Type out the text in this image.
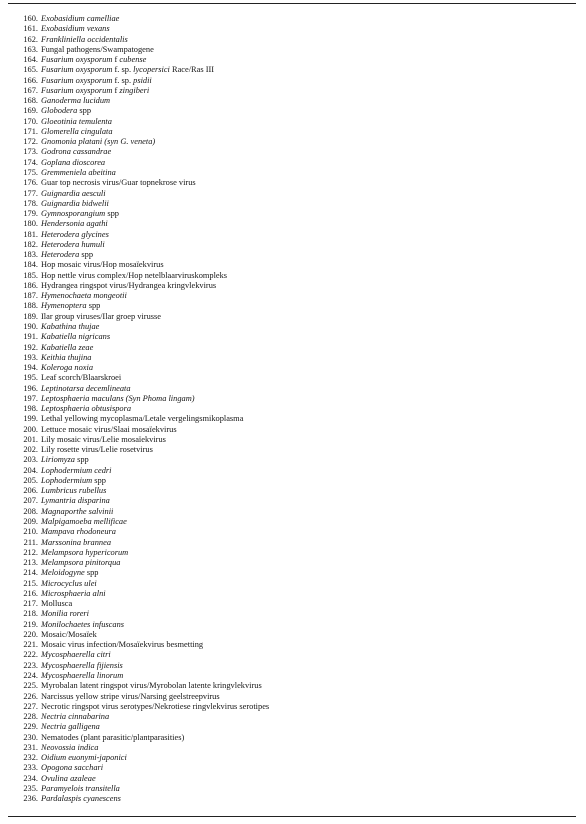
160. Exobasidium camelliae
161. Exobasidium vexans
162. Frankliniella occidentalis
163. Fungal pathogens/Swampatogene
164. Fusarium oxysporum f cubense
165. Fusarium oxysporum f. sp. lycopersici Race/Ras III
166. Fusarium oxysporum f. sp. psidii
167. Fusarium oxysporum f zingiberi
168. Ganoderma lucidum
169. Globodera spp
170. Gloeotinia temulenta
171. Glomerella cingulata
172. Gnomonia platani (syn G. veneta)
173. Godrona cassandrae
174. Goplana dioscorea
175. Gremmeniela abeitina
176. Guar top necrosis virus/Guar topnekrose virus
177. Guignardia aesculi
178. Guignardia bidwelii
179. Gymnosporangium spp
180. Hendersonia agathi
181. Heterodera glycines
182. Heterodera humuli
183. Heterodera spp
184. Hop mosaic virus/Hop mosaïekvirus
185. Hop nettle virus complex/Hop netelblaarviruskompleks
186. Hydrangea ringspot virus/Hydrangea kringvlekvirus
187. Hymenochaeta mongeotii
188. Hymenoptera spp
189. Ilar group viruses/Ilar groep virusse
190. Kabathina thujae
191. Kabatiella nigricans
192. Kabatiella zeae
193. Keithia thujina
194. Koleroga noxia
195. Leaf scorch/Blaarskroei
196. Leptinotarsa decemlineata
197. Leptosphaeria maculans (Syn Phoma lingam)
198. Leptosphaeria obtusispora
199. Lethal yellowing mycoplasma/Letale vergelingsmikoplasma
200. Lettuce mosaic virus/Slaai mosaïekvirus
201. Lily mosaic virus/Lelie mosaïekvirus
202. Lily rosette virus/Lelie rosetvirus
203. Liriomyza spp
204. Lophodermium cedri
205. Lophodermium spp
206. Lumbricus rubellus
207. Lymantria disparina
208. Magnaporthe salvinii
209. Malpigamoeba mellificae
210. Mampava rhodoneura
211. Marssonina brannea
212. Melampsora hypericorum
213. Melampsora pinitorqua
214. Meloidogyne spp
215. Microcyclus ulei
216. Microsphaeria alni
217. Mollusca
218. Monilia roreri
219. Monilochaetes infuscans
220. Mosaic/Mosaïek
221. Mosaic virus infection/Mosaïekvirus besmetting
222. Mycosphaerella citri
223. Mycosphaerella fijiensis
224. Mycosphaerella linorum
225. Myrobalan latent ringspot virus/Myrobolan latente kringvlekvirus
226. Narcissus yellow stripe virus/Narsing geelstreepvirus
227. Necrotic ringspot virus serotypes/Nekrotiese ringvlekvirus serotipes
228. Nectria cinnabarina
229. Nectria galligena
230. Nematodes (plant parasitic/plantparasities)
231. Neovossia indica
232. Oidium euonymi-japonici
233. Opogona sacchari
234. Ovulina azaleae
235. Paramyelois transitella
236. Pardalaspis cyanescens
